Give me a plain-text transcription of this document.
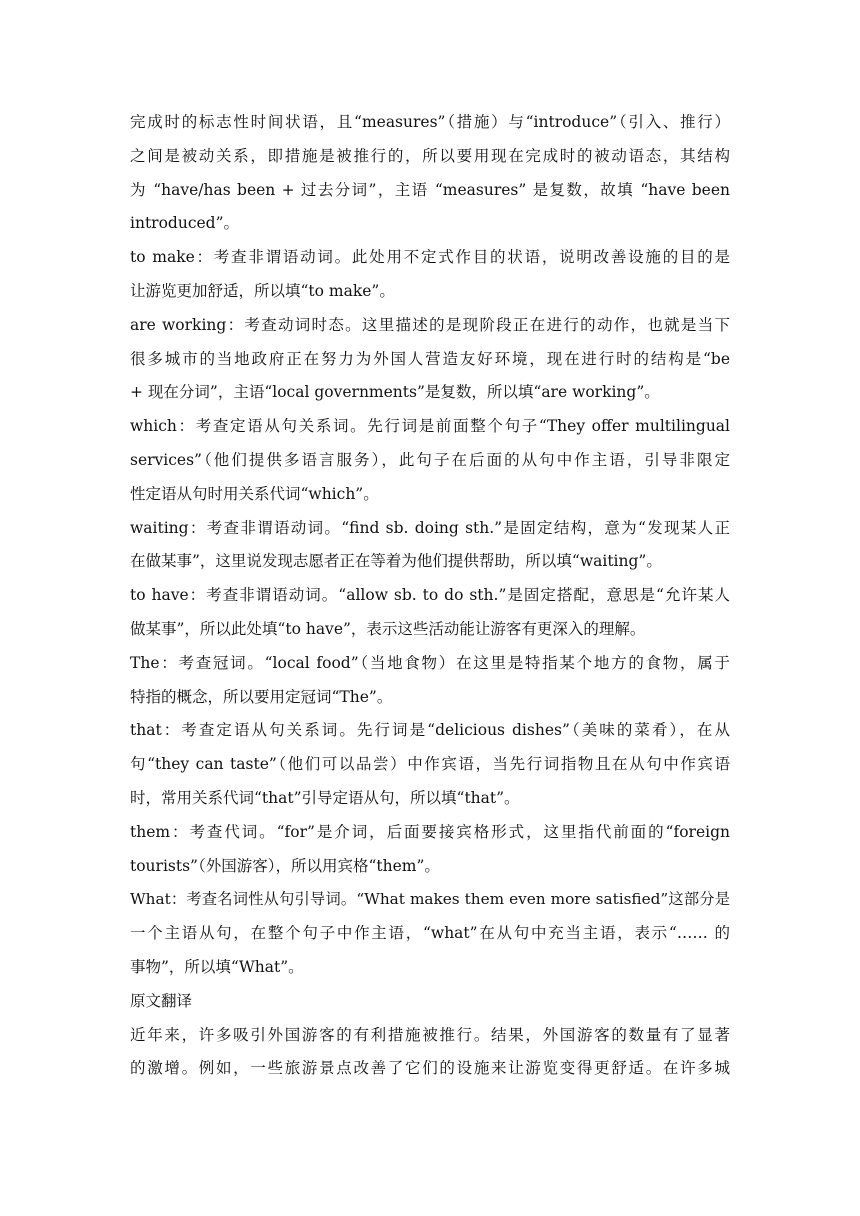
完成时的标志性时间状语，且“measures”（措施）与“introduce”（引入、推行）
之间是被动关系，即措施是被推行的，所以要用现在完成时的被动语态，其结构
为 “have/has been + 过去分词”，主语 “measures” 是复数，故填 “have been
introduced”。
to make：考查非谓语动词。此处用不定式作目的状语，说明改善设施的目的是
让游览更加舒适，所以填“to make”。
are working：考查动词时态。这里描述的是现阶段正在进行的动作，也就是当下
很多城市的当地政府正在努力为外国人营造友好环境，现在进行时的结构是“be
+ 现在分词”，主语“local governments”是复数，所以填“are working”。
which：考查定语从句关系词。先行词是前面整个句子“They offer multilingual
services”（他们提供多语言服务），此句子在后面的从句中作主语，引导非限定
性定语从句时用关系代词“which”。
waiting：考查非谓语动词。“find sb. doing sth.”是固定结构，意为“发现某人正
在做某事”，这里说发现志愿者正在等着为他们提供帮助，所以填“waiting”。
to have：考查非谓语动词。“allow sb. to do sth.”是固定搭配，意思是“允许某人
做某事”，所以此处填“to have”，表示这些活动能让游客有更深入的理解。
The：考查冠词。“local food”（当地食物）在这里是特指某个地方的食物，属于
特指的概念，所以要用定冠词“The”。
that：考查定语从句关系词。先行词是“delicious dishes”（美味的菜肴），在从
句“they can taste”（他们可以品尝）中作宾语，当先行词指物且在从句中作宾语
时，常用关系代词“that”引导定语从句，所以填“that”。
them：考查代词。“for”是介词，后面要接宾格形式，这里指代前面的“foreign
tourists”（外国游客），所以用宾格“them”。
What：考查名词性从句引导词。“What makes them even more satisfied”这部分是
一个主语从句，在整个句子中作主语，“what”在从句中充当主语，表示“…… 的
事物”，所以填“What”。
原文翻译
近年来，许多吸引外国游客的有利措施被推行。结果，外国游客的数量有了显著
的激增。例如，一些旅游景点改善了它们的设施来让游览变得更舒适。在许多城
